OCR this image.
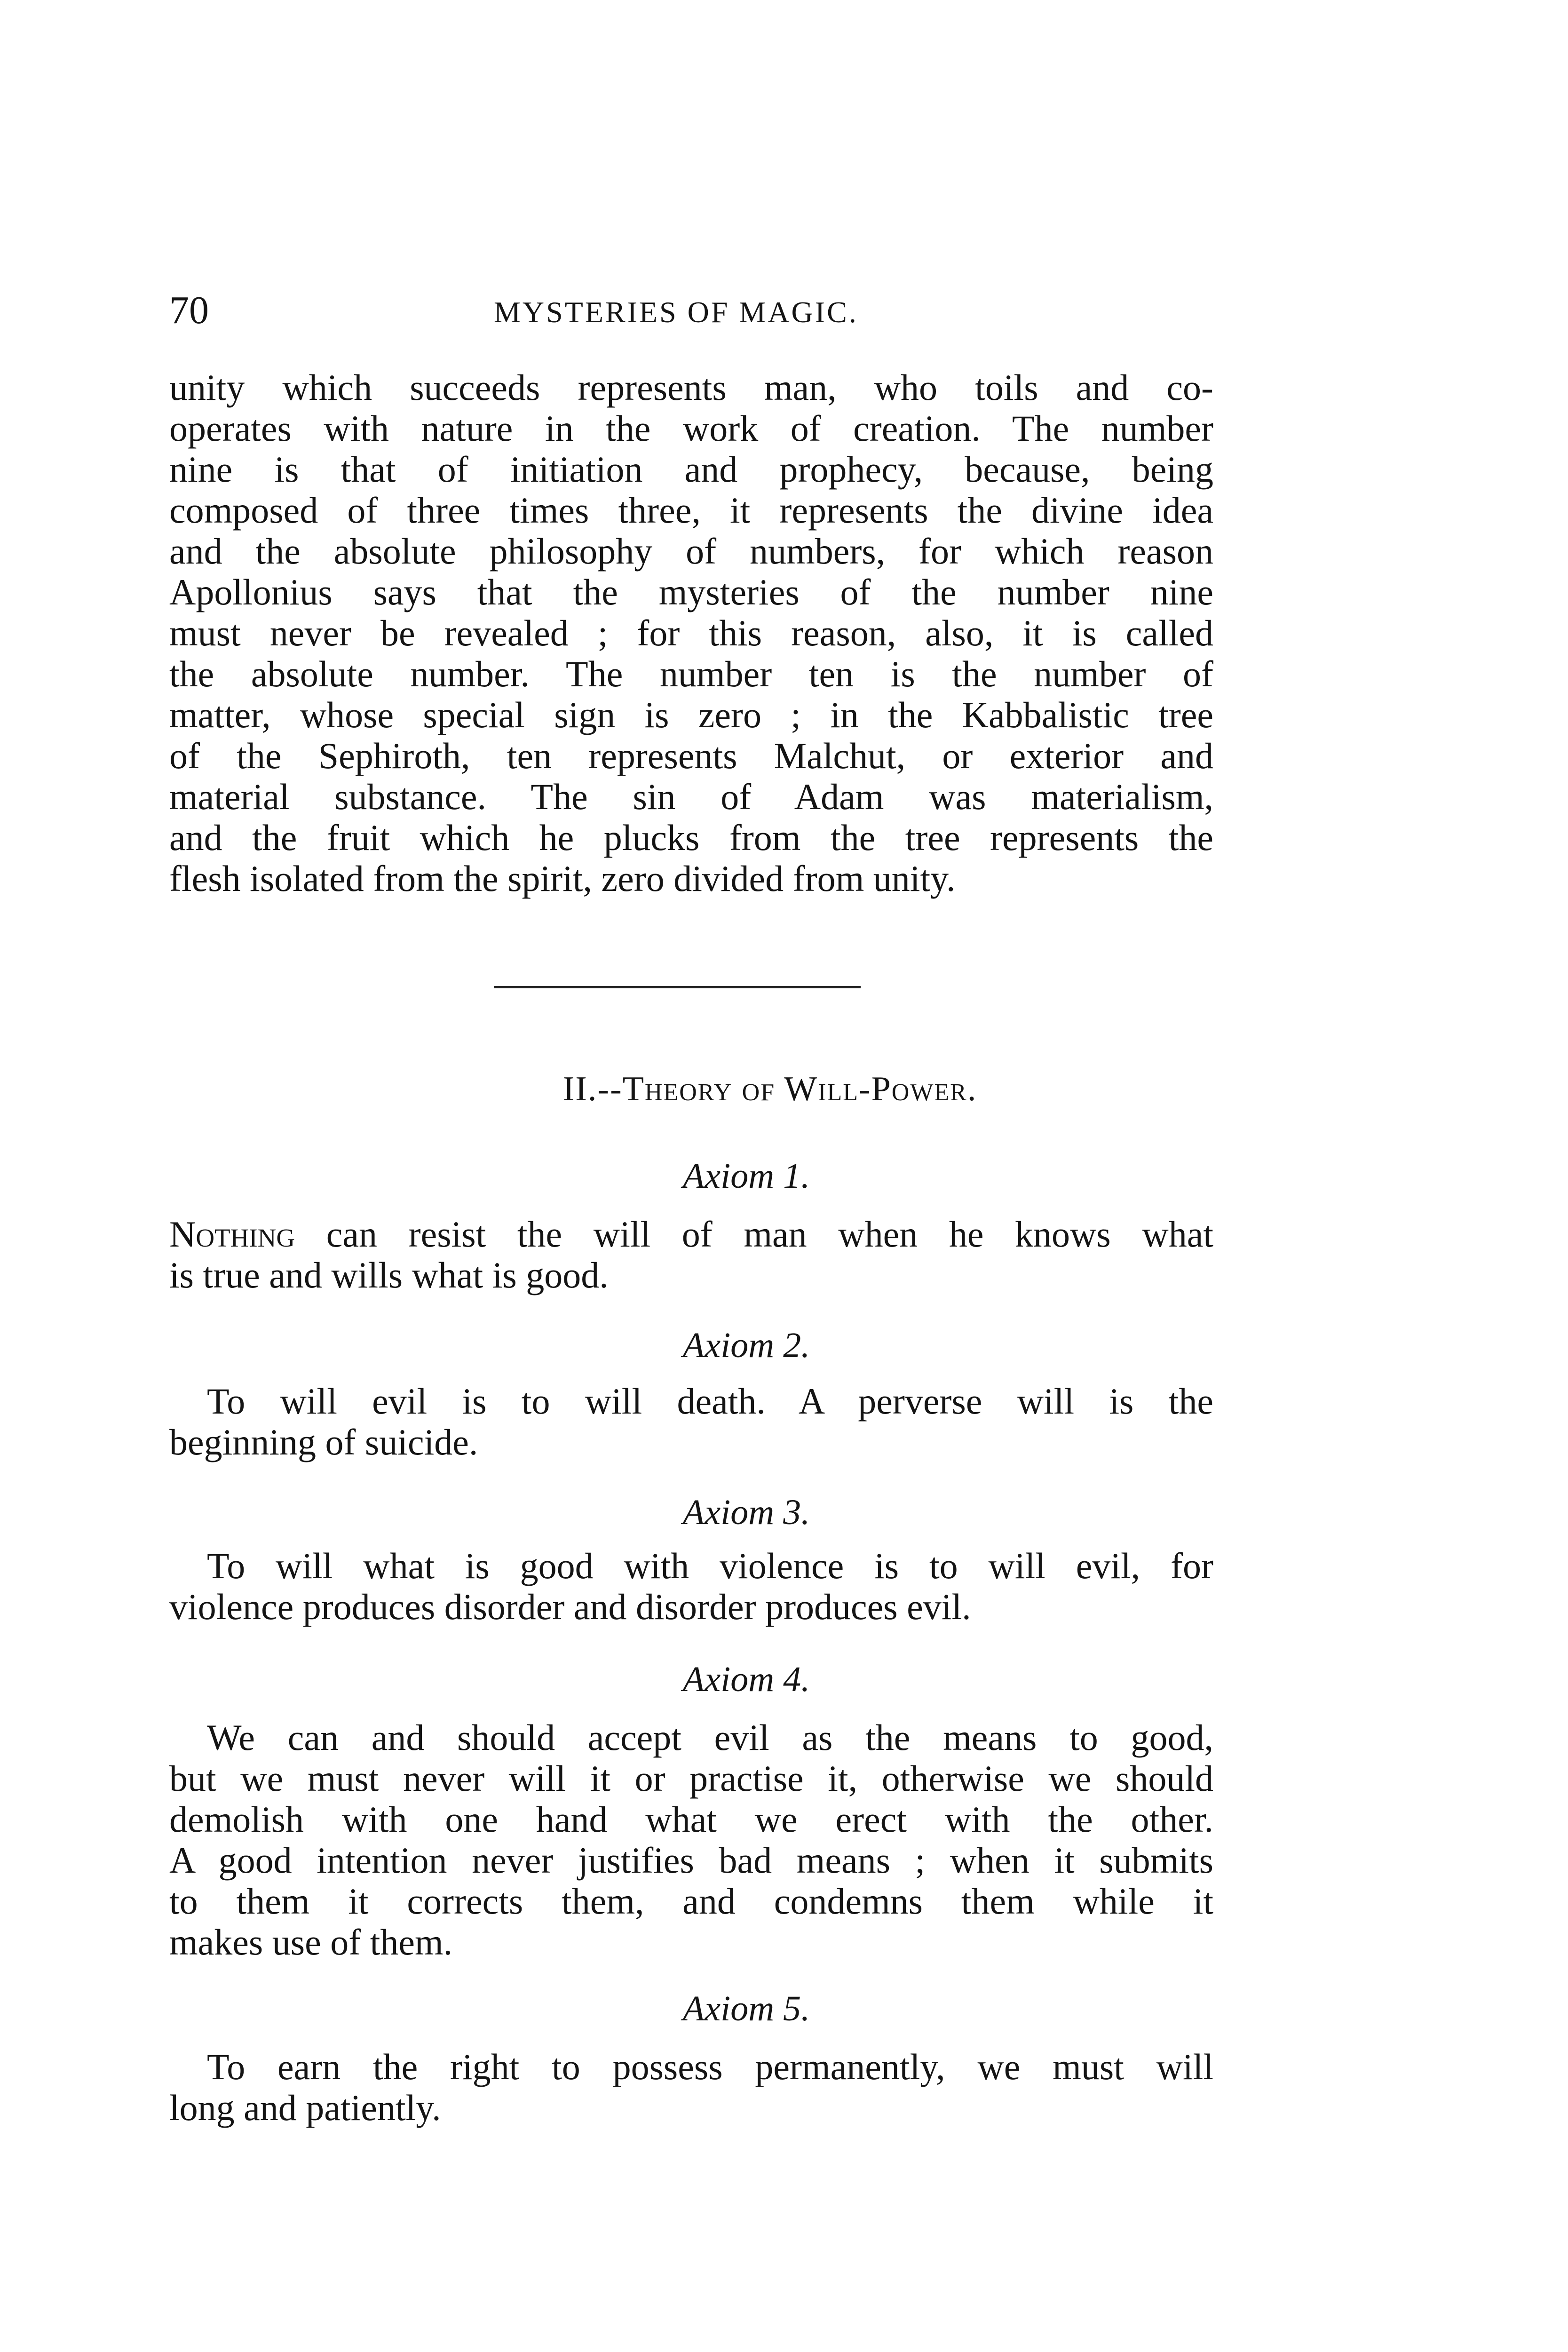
70	MYSTERIES OF MAGIC.

unity which succeeds represents man, who toils and co-
operates with nature in the work of creation. The number
nine is that of initiation and prophecy, because, being
composed of three times three, it represents the divine idea
and the absolute philosophy of numbers, for which reason
Apollonius says that the mysteries of the number nine
must never be revealed ; for this reason, also, it is called
the absolute number. The number ten is the number of
matter, whose special sign is zero ; in the Kabbalistic tree
of the Sephiroth, ten represents Malchut, or exterior and
material substance. The sin of Adam was materialism,
and the fruit which he plucks from the tree represents the
flesh isolated from the spirit, zero divided from unity.

II.--Theory of Will-Power.
Axiom 1.

Nothing can resist the will of man when he knows what
is true and wills what is good.

Axiom 2.

To will evil is to will death. A perverse will is the
beginning of suicide.

Axiom 3.

To will what is good with violence is to will evil, for
violence produces disorder and disorder produces evil.

Axiom 4.

We can and should accept evil as the means to good,
but we must never will it or practise it, otherwise we should
demolish with one hand what we erect with the other.
A good intention never justifies bad means ; when it submits
to them it corrects them, and condemns them while it
makes use of them.

Axiom 5.

To earn the right to possess permanently, we must will
long and patiently.
